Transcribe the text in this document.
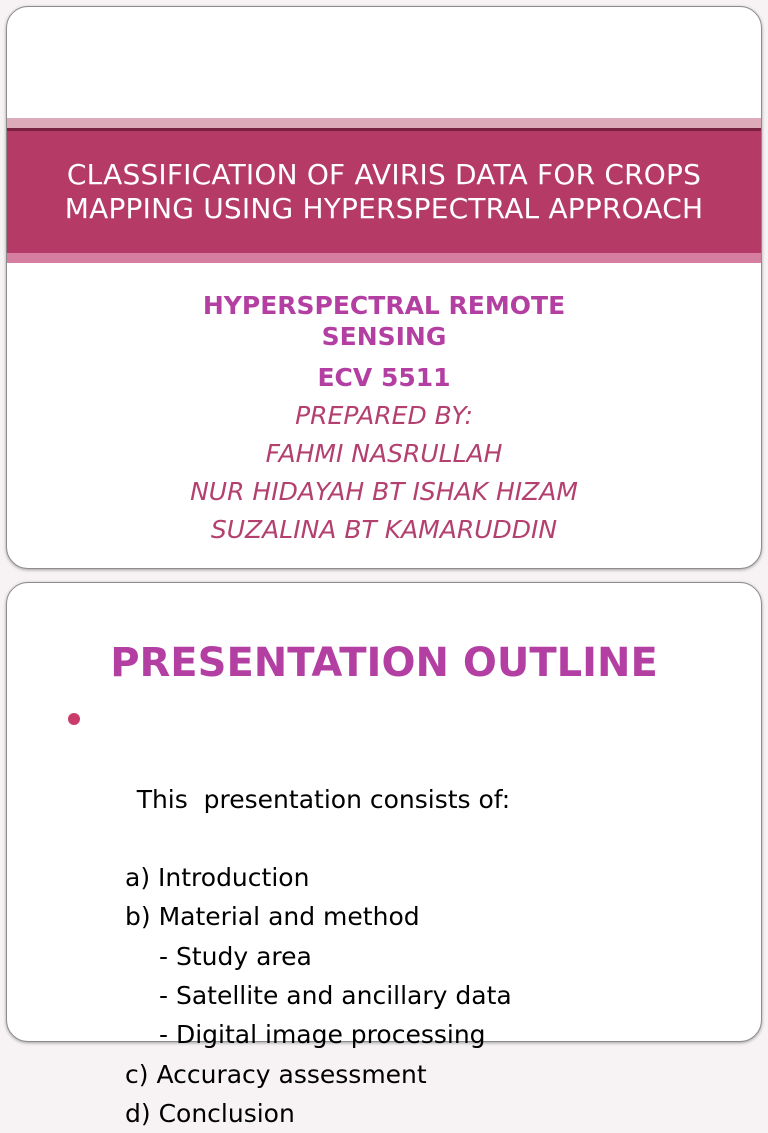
CLASSIFICATION OF AVIRIS DATA FOR CROPS MAPPING USING HYPERSPECTRAL APPROACH
HYPERSPECTRAL REMOTE SENSING
ECV 5511
PREPARED BY:
FAHMI NASRULLAH
NUR HIDAYAH BT ISHAK HIZAM
SUZALINA BT KAMARUDDIN
PRESENTATION OUTLINE

This  presentation consists of:

a) Introduction
b) Material and method
- Study area
- Satellite and ancillary data
- Digital image processing
c) Accuracy assessment
d) Conclusion
